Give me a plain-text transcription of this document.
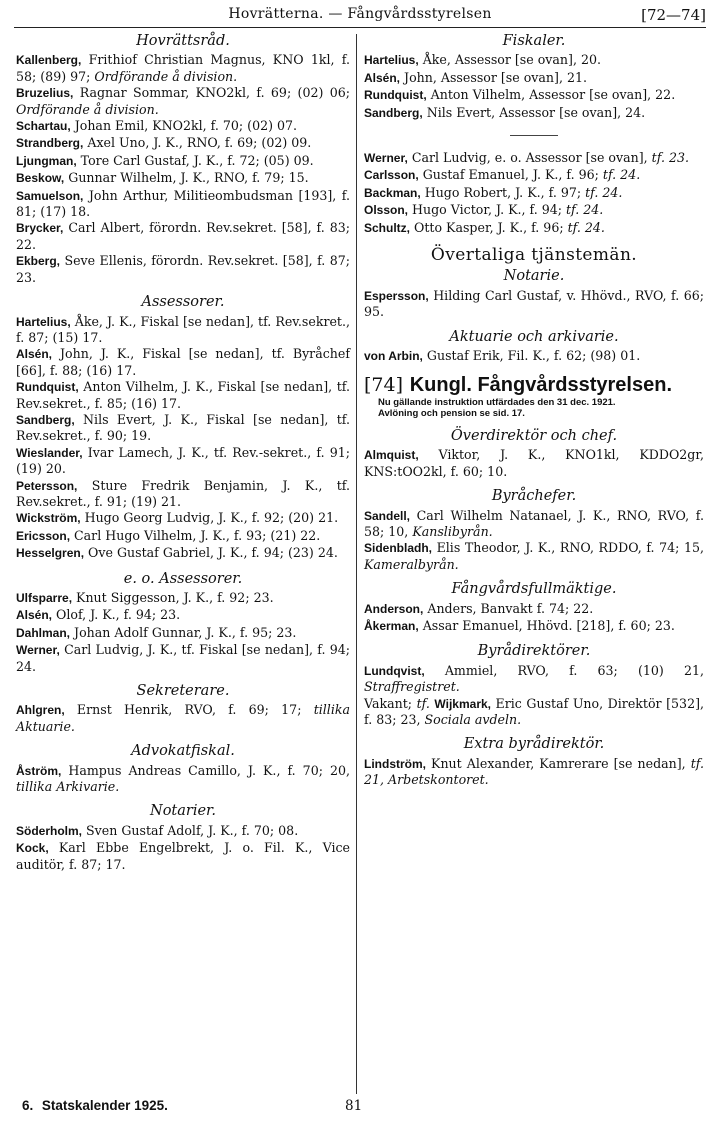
Hovrätterna. — Fångvårdsstyrelsen	[72—74]
Hovrättsråd.

Kallenberg, Frithiof Christian Magnus, KNO 1kl, f. 58; (89) 97; Ordförande å division.

Bruzelius, Ragnar Sommar, KNO2kl, f. 69; (02) 06; Ordförande å division.

Schartau, Johan Emil, KNO2kl, f. 70; (02) 07.

Strandberg, Axel Uno, J. K., RNO, f. 69; (02) 09.

Ljungman, Tore Carl Gustaf, J. K., f. 72; (05) 09.

Beskow, Gunnar Wilhelm, J. K., RNO, f. 79; 15.

Samuelson, John Arthur, Militieombudsman [193], f. 81; (17) 18.

Brycker, Carl Albert, förordn. Rev.sekret. [58], f. 83; 22.

Ekberg, Seve Ellenis, förordn. Rev.sekret. [58], f. 87; 23.

Assessorer.

Hartelius, Åke, J. K., Fiskal [se nedan], tf. Rev.sekret., f. 87; (15) 17.

Alsén, John, J. K., Fiskal [se nedan], tf. Byråchef [66], f. 88; (16) 17.

Rundquist, Anton Vilhelm, J. K., Fiskal [se nedan], tf. Rev.sekret., f. 85; (16) 17.

Sandberg, Nils Evert, J. K., Fiskal [se nedan], tf. Rev.sekret., f. 90; 19.

Wieslander, Ivar Lamech, J. K., tf. Rev.-sekret., f. 91; (19) 20.

Petersson, Sture Fredrik Benjamin, J. K., tf. Rev.sekret., f. 91; (19) 21.

Wickström, Hugo Georg Ludvig, J. K., f. 92; (20) 21.

Ericsson, Carl Hugo Vilhelm, J. K., f. 93; (21) 22.

Hesselgren, Ove Gustaf Gabriel, J. K., f. 94; (23) 24.

e. o. Assessorer.

Ulfsparre, Knut Siggesson, J. K., f. 92; 23.

Alsén, Olof, J. K., f. 94; 23.

Dahlman, Johan Adolf Gunnar, J. K., f. 95; 23.

Werner, Carl Ludvig, J. K., tf. Fiskal [se nedan], f. 94; 24.

Sekreterare.

Ahlgren, Ernst Henrik, RVO, f. 69; 17; tillika Aktuarie.

Advokatfiskal.

Åström, Hampus Andreas Camillo, J. K., f. 70; 20, tillika Arkivarie.

Notarier.

Söderholm, Sven Gustaf Adolf, J. K., f. 70; 08.

Kock, Karl Ebbe Engelbrekt, J. o. Fil. K., Vice auditör, f. 87; 17.

Fiskaler.

Hartelius, Åke, Assessor [se ovan], 20.

Alsén, John, Assessor [se ovan], 21.

Rundquist, Anton Vilhelm, Assessor [se ovan], 22.

Sandberg, Nils Evert, Assessor [se ovan], 24.

Werner, Carl Ludvig, e. o. Assessor [se ovan], tf. 23.

Carlsson, Gustaf Emanuel, J. K., f. 96; tf. 24.

Backman, Hugo Robert, J. K., f. 97; tf. 24.

Olsson, Hugo Victor, J. K., f. 94; tf. 24.

Schultz, Otto Kasper, J. K., f. 96; tf. 24.

Övertaliga tjänstemän.
Notarie.

Espersson, Hilding Carl Gustaf, v. Hhövd., RVO, f. 66; 95.

Aktuarie och arkivarie.

von Arbin, Gustaf Erik, Fil. K., f. 62; (98) 01.

[74] Kungl. Fångvårdsstyrelsen.
Nu gällande instruktion utfärdades den 31 dec. 1921.
Avlöning och pension se sid. 17.
Överdirektör och chef.

Almquist, Viktor, J. K., KNO1kl, KDDO2gr, KNS:tOO2kl, f. 60; 10.

Byråchefer.

Sandell, Carl Wilhelm Natanael, J. K., RNO, RVO, f. 58; 10, Kanslibyrån.

Sidenbladh, Elis Theodor, J. K., RNO, RDDO, f. 74; 15, Kameralbyrån.

Fångvårdsfullmäktige.

Anderson, Anders, Banvakt f. 74; 22.

Åkerman, Assar Emanuel, Hhövd. [218], f. 60; 23.

Byrådirektörer.

Lundqvist, Ammiel, RVO, f. 63; (10) 21, Straffregistret.

Vakant; tf. Wijkmark, Eric Gustaf Uno, Direktör [532], f. 83; 23, Sociala avdeln.

Extra byrådirektör.

Lindström, Knut Alexander, Kamrerare [se nedan], tf. 21, Arbetskontoret.

6. Statskalender 1925.	81
